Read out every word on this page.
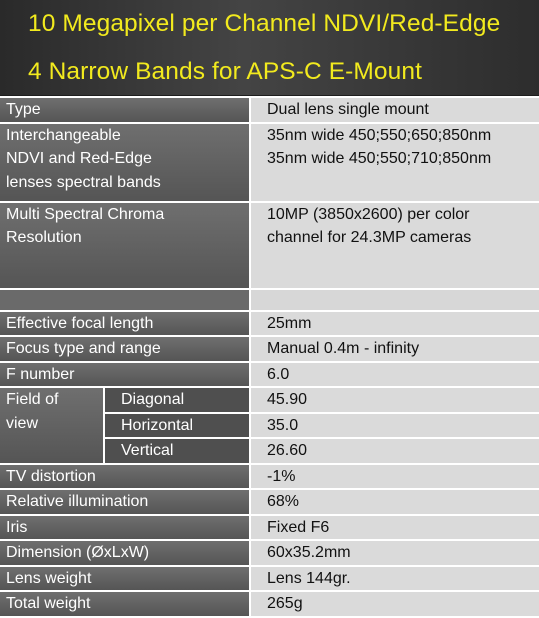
10 Megapixel per Channel NDVI/Red-Edge
4 Narrow Bands for APS-C E-Mount
Type		Dual lens single mount
Interchangeable
NDVI and Red-Edge
lenses spectral bands		35nm wide 450;550;650;850nm
35nm wide 450;550;710;850nm
Multi Spectral Chroma
Resolution		10MP (3850x2600) per color
channel for 24.3MP cameras

Effective focal length		25mm
Focus type and range		Manual 0.4m - infinity
F number		6.0
Field of
view	Diagonal	45.90
	Horizontal	35.0
	Vertical	26.60
TV distortion		-1%
Relative illumination		68%
Iris		Fixed F6
Dimension (ØxLxW)		60x35.2mm
Lens weight		Lens 144gr.
Total weight		265g
